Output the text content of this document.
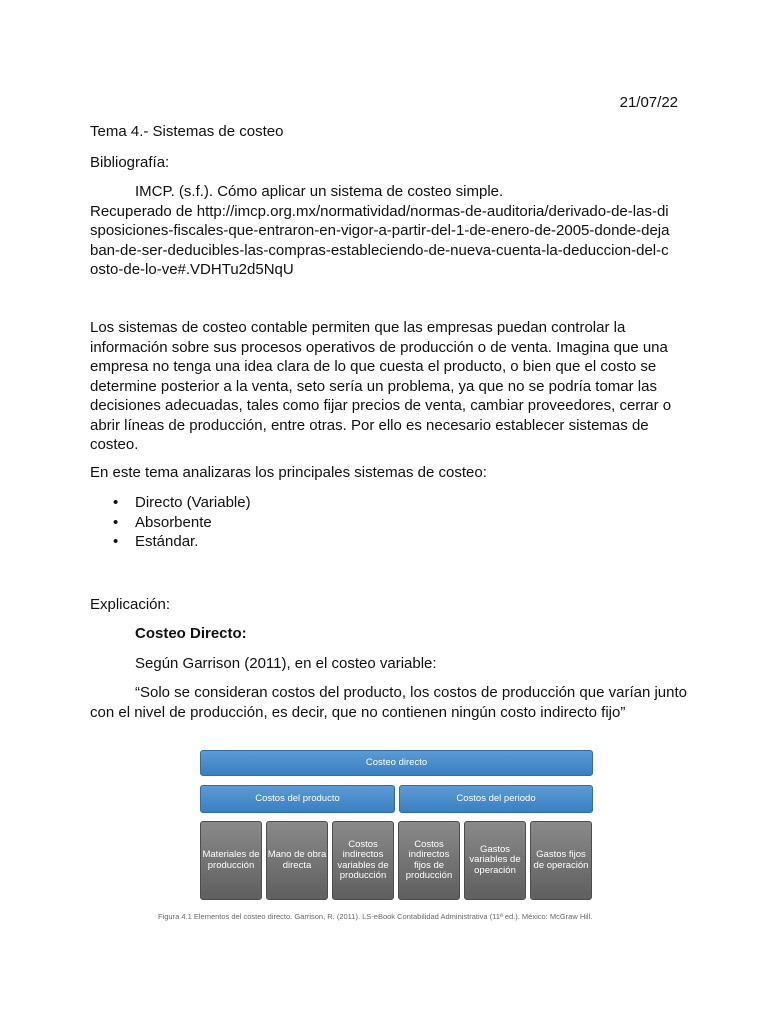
21/07/22

Tema 4.- Sistemas de costeo

Bibliografía:

IMCP. (s.f.). Cómo aplicar un sistema de costeo simple.
Recuperado de http://imcp.org.mx/normatividad/normas-de-auditoria/derivado-de-las-disposiciones-fiscales-que-entraron-en-vigor-a-partir-del-1-de-enero-de-2005-donde-dejaban-de-ser-deducibles-las-compras-estableciendo-de-nueva-cuenta-la-deduccion-del-costo-de-lo-ve#.VDHTu2d5NqU

Los sistemas de costeo contable permiten que las empresas puedan controlar la información sobre sus procesos operativos de producción o de venta. Imagina que una empresa no tenga una idea clara de lo que cuesta el producto, o bien que el costo se determine posterior a la venta, seto sería un problema, ya que no se podría tomar las decisiones adecuadas, tales como fijar precios de venta, cambiar proveedores, cerrar o abrir líneas de producción, entre otras. Por ello es necesario establecer sistemas de costeo.

En este tema analizaras los principales sistemas de costeo:

• Directo (Variable)
• Absorbente
• Estándar.

Explicación:

Costeo Directo:

Según Garrison (2011), en el costeo variable:

“Solo se consideran costos del producto, los costos de producción que varían junto con el nivel de producción, es decir, que no contienen ningún costo indirecto fijo”

Costeo directo
Costos del producto	Costos del periodo
Materiales de producción
Mano de obra directa
Costos indirectos variables de producción
Costos indirectos fijos de producción
Gastos variables de operación
Gastos fijos de operación
Figura 4.1 Elementos del costeo directo. Garrison, R. (2011). LS-eBook Contabilidad Administrativa (11ª ed.). México: McGraw Hill.
